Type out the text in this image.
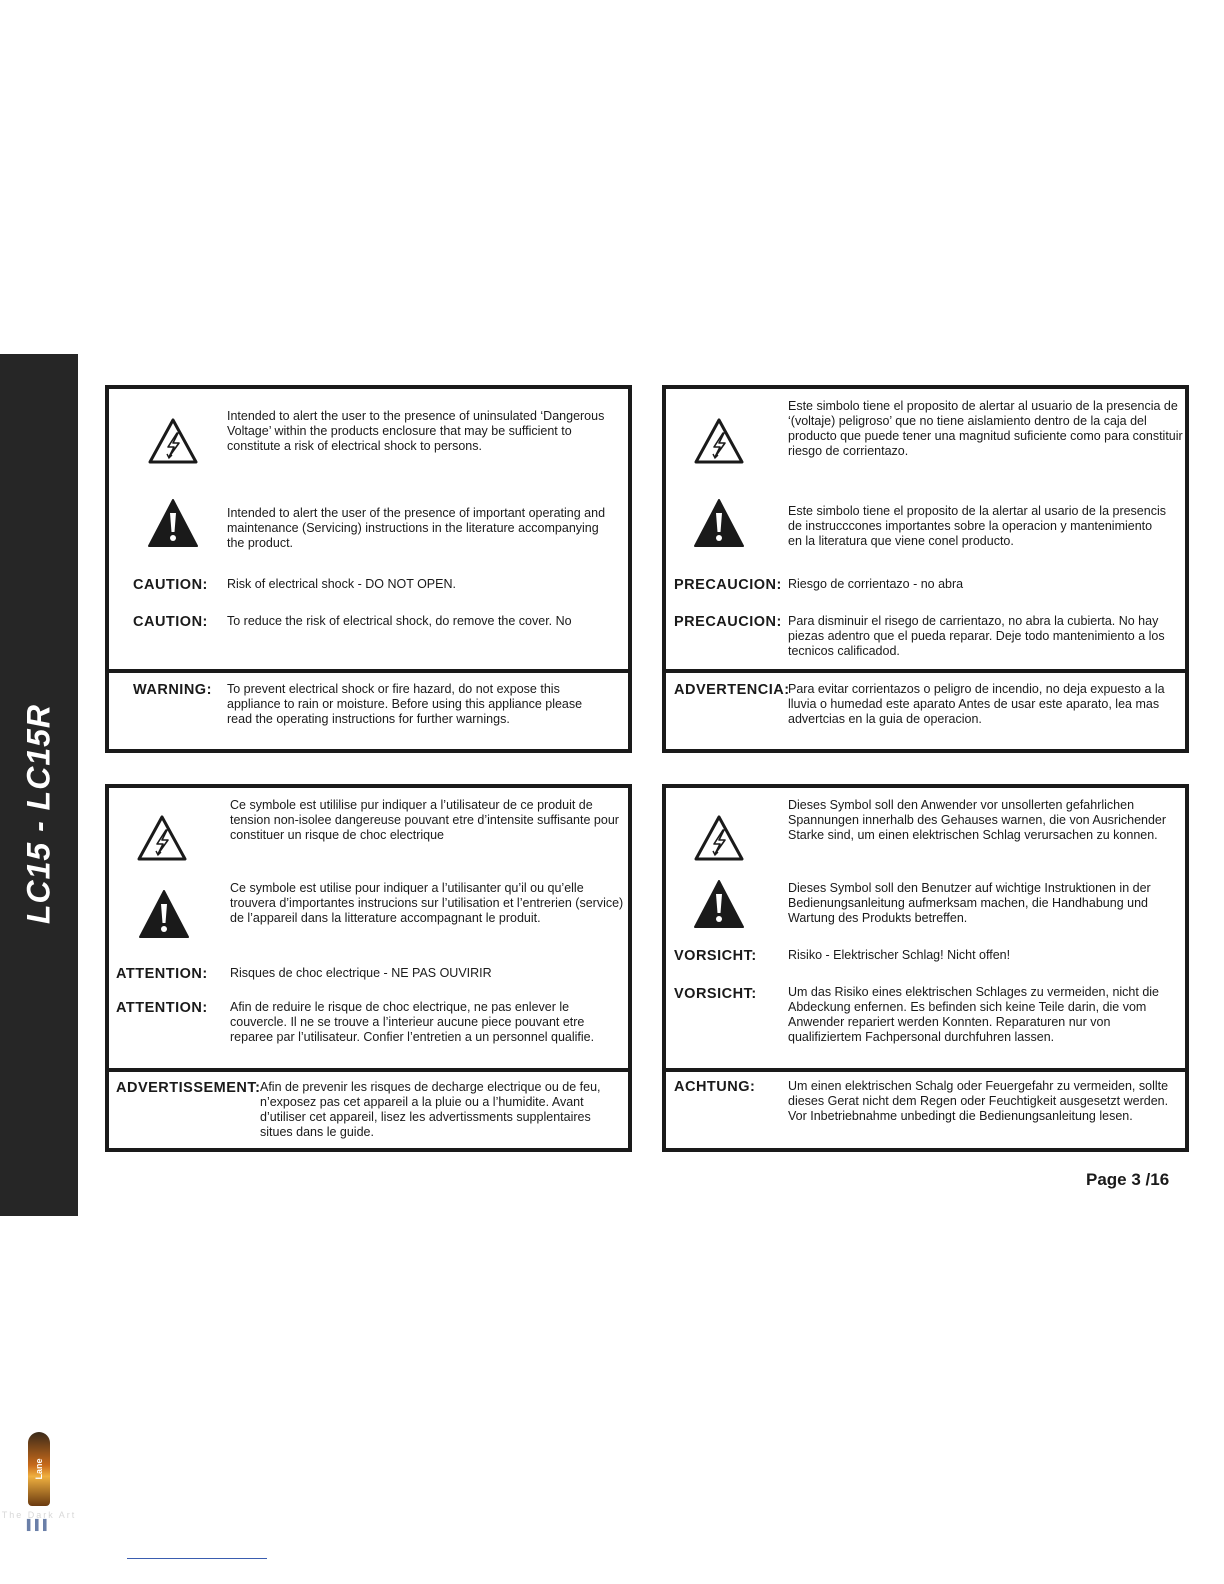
LC15 - LC15R
Lane
The Dark Art
▌▌▌
Intended to alert the user to the presence of uninsulated ‘Dangerous Voltage’ within the products enclosure that may be sufficient to constitute a risk of electrical shock to persons.
Intended to alert the user of the presence of important operating and maintenance (Servicing) instructions in the literature accompanying the product.
CAUTION: Risk of electrical shock - DO NOT OPEN.
CAUTION: To reduce the risk of electrical shock, do remove the cover. No
WARNING: To prevent electrical shock or fire hazard, do not expose this appliance to rain or moisture. Before using this appliance please read the operating instructions for further warnings.
Este simbolo tiene el proposito de alertar al usuario de la presencia de ‘(voltaje) peligroso’ que no tiene aislamiento dentro de la caja del producto que puede tener una magnitud suficiente como para constituir riesgo de corrientazo.
Este simbolo tiene el proposito de la alertar al usario de la presencis de instrucccones importantes sobre la operacion y mantenimiento en la literatura que viene conel producto.
PRECAUCION: Riesgo de corrientazo - no abra
PRECAUCION: Para disminuir el risego de carrientazo, no abra la cubierta. No hay piezas adentro que el pueda reparar. Deje todo mantenimiento a los tecnicos calificadod.
ADVERTENCIA:
Para evitar corrientazos o peligro de incendio, no deja expuesto a la lluvia o humedad este aparato Antes de usar este aparato, lea mas advertcias en la guia de operacion.
Ce symbole est utililise pur indiquer a l’utilisateur de ce produit de tension non-isolee dangereuse pouvant etre d’intensite suffisante pour constituer un risque de choc electrique
Ce symbole est utilise pour indiquer a l’utilisanter qu’il ou qu’elle trouvera d’importantes instrucions sur l’utilisation et l’entrerien (service) de l’appareil dans la litterature accompagnant le produit.
ATTENTION: Risques de choc electrique - NE PAS OUVIRIR
ATTENTION: Afin de reduire le risque de choc electrique, ne pas enlever le couvercle. Il ne se trouve a l’interieur aucune piece pouvant etre reparee par l’utilisateur. Confier l’entretien a un personnel qualifie.
ADVERTISSEMENT: Afin de prevenir les risques de decharge electrique ou de feu, n’exposez pas cet appareil a la pluie ou a l’humidite. Avant d’utiliser cet appareil, lisez les advertissments supplentaires situes dans le guide.
Dieses Symbol soll den Anwender vor unsollerten gefahrlichen Spannungen innerhalb des Gehauses warnen, die von Ausrichender Starke sind, um einen elektrischen Schlag verursachen zu konnen.
Dieses Symbol soll den Benutzer auf wichtige Instruktionen in der Bedienungsanleitung aufmerksam machen, die Handhabung und Wartung des Produkts betreffen.
VORSICHT:	Risiko - Elektrischer Schlag! Nicht offen!
VORSICHT:	Um das Risiko eines elektrischen Schlages zu vermeiden, nicht die Abdeckung enfernen. Es befinden sich keine Teile darin, die vom Anwender repariert werden Konnten. Reparaturen nur von qualifiziertem Fachpersonal durchfuhren lassen.
ACHTUNG:	Um einen elektrischen Schalg oder Feuergefahr zu vermeiden, sollte dieses Gerat nicht dem Regen oder Feuchtigkeit ausgesetzt werden. Vor Inbetriebnahme unbedingt die Bedienungsanleitung lesen.
Page 3 /16
